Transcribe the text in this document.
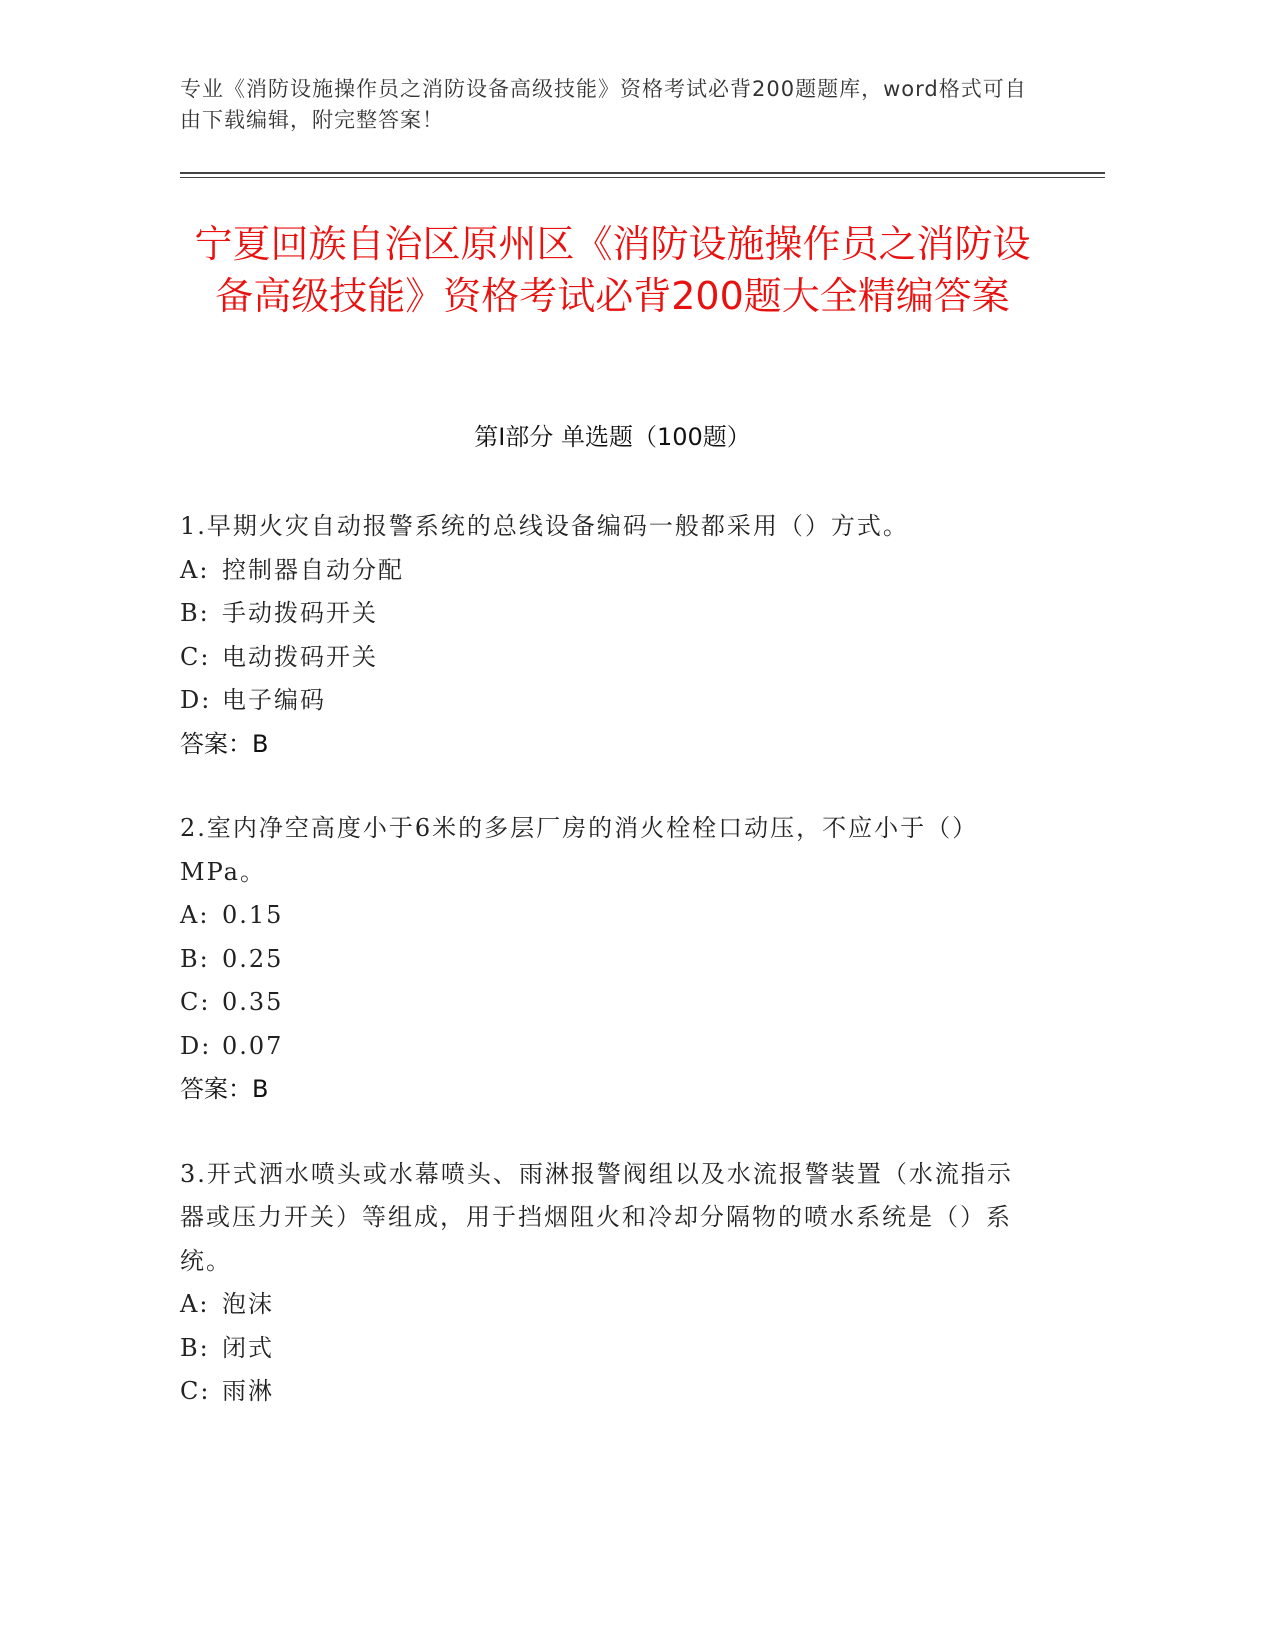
专业《消防设施操作员之消防设备高级技能》资格考试必背200题题库，word格式可自由下载编辑，附完整答案！
宁夏回族自治区原州区《消防设施操作员之消防设备高级技能》资格考试必背200题大全精编答案
第Ⅰ部分 单选题（100题）
1.早期火灾自动报警系统的总线设备编码一般都采用（）方式。
A: 控制器自动分配
B: 手动拨码开关
C: 电动拨码开关
D: 电子编码
答案：B
2.室内净空高度小于6米的多层厂房的消火栓栓口动压，不应小于（）MPa。
A: 0.15
B: 0.25
C: 0.35
D: 0.07
答案：B
3.开式洒水喷头或水幕喷头、雨淋报警阀组以及水流报警装置（水流指示器或压力开关）等组成，用于挡烟阻火和冷却分隔物的喷水系统是（）系统。
A: 泡沫
B: 闭式
C: 雨淋
